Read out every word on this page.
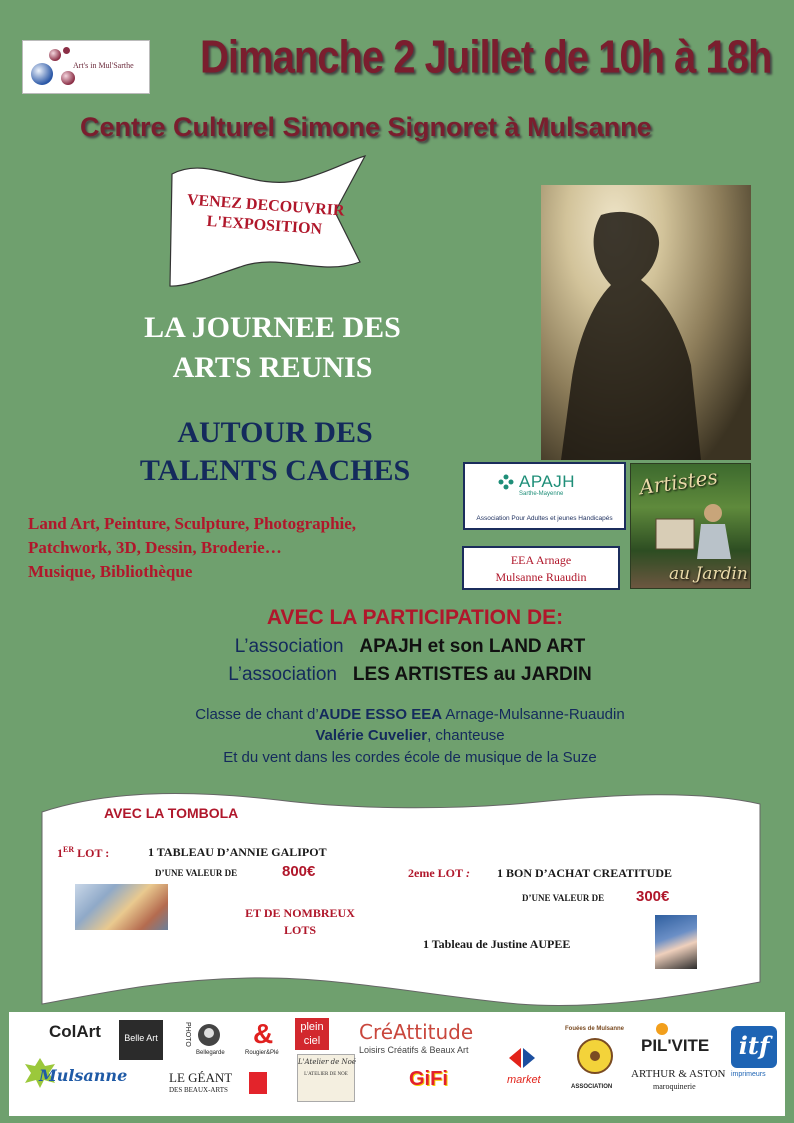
Art's in Mul'Sarthe Dimanche 2 Juillet de 10h à 18h
Centre Culturel Simone Signoret à Mulsanne
VENEZ DECOUVRIR
L'EXPOSITION
LA JOURNEE DES
ARTS REUNIS
AUTOUR DES
TALENTS CACHES
Land Art, Peinture, Sculpture, Photographie,
Patchwork, 3D, Dessin, Broderie…
Musique, Bibliothèque
APAJH
Sarthe-Mayenne
Association Pour Adultes et jeunes Handicapés
EEA Arnage
Mulsanne Ruaudin
Artistes
au Jardin
AVEC LA PARTICIPATION DE:
L’association APAJH et son LAND ART
L’association LES ARTISTES au JARDIN
Classe de chant d’AUDE ESSO EEA Arnage-Mulsanne-Ruaudin
Valérie Cuvelier, chanteuse
Et du vent dans les cordes école de musique de la Suze
AVEC LA TOMBOLA
1ER LOT :	1 TABLEAU D’ANNIE GALIPOT
D’UNE VALEUR DE	800€	2eme LOT : 1 BON D’ACHAT CREATITUDE
D’UNE VALEUR DE 300€
ET DE NOMBREUX
LOTS
1 Tableau de Justine AUPEE
ColArt
Mulsanne
Belle Art	PHOTO
Bellegarde
&
Rougier&Plé
plein
ciel
LE GÉANT
DES BEAUX-ARTS
L'Atelier de Noé
L'ATELIER DE NOE
CréAttitude
Loisirs Créatifs & Beaux Art
GiFi	market
Fouées de Mulsanne
ASSOCIATION
PIL'VITE
ARTHUR & ASTON
maroquinerie
itf
imprimeurs
